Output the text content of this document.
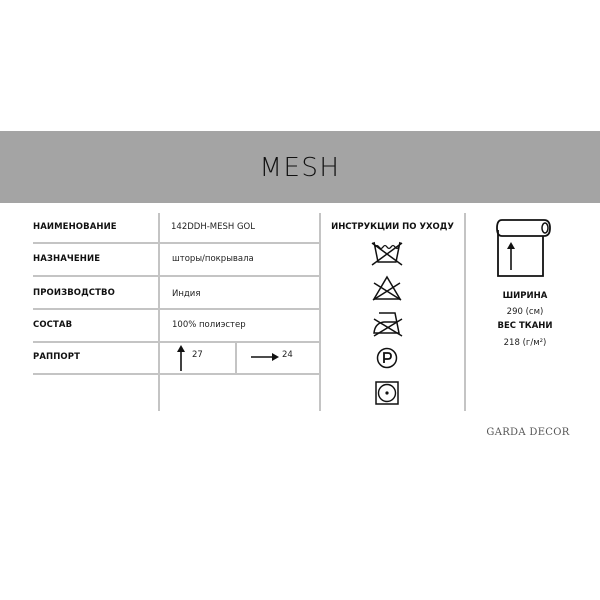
MESH
НАИМЕНОВАНИЕ	142DDH-MESH GOL
НАЗНАЧЕНИЕ	шторы/покрывала
ПРОИЗВОДСТВО	Индия
СОСТАВ	100% полиэстер
РАППОРТ	27	24
ИНСТРУКЦИИ ПО УХОДУ
ШИРИНА
290 (см)
ВЕС ТКАНИ
218 (г/м²)
GARDA DECOR
